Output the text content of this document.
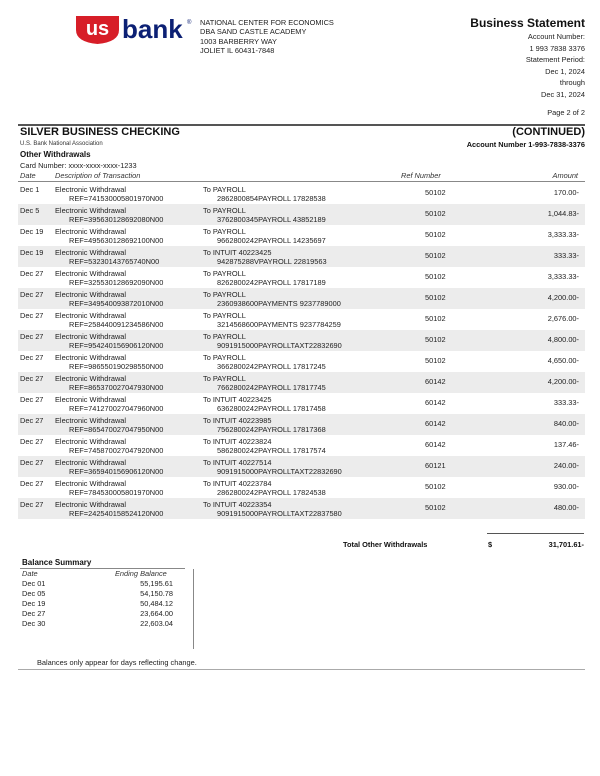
us bank ® NATIONAL CENTER FOR ECONOMICS
DBA SAND CASTLE ACADEMY
1003 BARBERRY WAY
JOLIET IL 60431-7848
Business Statement
Account Number:
1 993 7838 3376
Statement Period:
Dec 1, 2024
through
Dec 31, 2024
Page 2 of 2
SILVER BUSINESS CHECKING	(CONTINUED)
U.S. Bank National Association	Account Number 1-993-7838-3376
Other Withdrawals
Card Number: xxxx-xxxx-xxxx-1233
Date	Description of Transaction	Ref Number	Amount
Dec 1 Electronic Withdrawal
REF=741530005801970N00
To PAYROLL
2862800854PAYROLL 17828538
50102	170.00-
Dec 5 Electronic Withdrawal
REF=395630128692080N00
To PAYROLL
3762800345PAYROLL 43852189
50102	1,044.83-
Dec 19 Electronic Withdrawal
REF=495630128692100N00
To PAYROLL
9662800242PAYROLL 14235697
50102	3,333.33-
Dec 19 Electronic Withdrawal
REF=53230143765740N00
To INTUIT 40223425
942875288VPAYROLL 22819563
50102	333.33-
Dec 27 Electronic Withdrawal
REF=325530128692090N00
To PAYROLL
8262800242PAYROLL 17817189
50102	3,333.33-
Dec 27 Electronic Withdrawal
REF=349540093872010N00
To PAYROLL
2360938600PAYMENTS 9237789000
50102	4,200.00-
Dec 27 Electronic Withdrawal
REF=258440091234586N00
To PAYROLL
3214568600PAYMENTS 9237784259
50102	2,676.00-
Dec 27 Electronic Withdrawal
REF=954240156906120N00
To PAYROLL
9091915000PAYROLLTAXT22832690
50102	4,800.00-
Dec 27 Electronic Withdrawal
REF=986550190298550N00
To PAYROLL
3662800242PAYROLL 17817245
50102	4,650.00-
Dec 27 Electronic Withdrawal
REF=865370027047930N00
To PAYROLL
7662800242PAYROLL 17817745
60142	4,200.00-
Dec 27 Electronic Withdrawal
REF=741270027047960N00
To INTUIT 40223425
6362800242PAYROLL 17817458
60142	333.33-
Dec 27 Electronic Withdrawal
REF=865470027047950N00
To INTUIT 40223985
7562800242PAYROLL 17817368
60142	840.00-
Dec 27 Electronic Withdrawal
REF=745870027047920N00
To INTUIT 40223824
5862800242PAYROLL 17817574
60142	137.46-
Dec 27 Electronic Withdrawal
REF=365940156906120N00
To INTUIT 40227514
9091915000PAYROLLTAXT22832690
60121	240.00-
Dec 27 Electronic Withdrawal
REF=784530005801970N00
To INTUIT 40223784
2862800242PAYROLL 17824538
50102	930.00-
Dec 27 Electronic Withdrawal
REF=242540158524120N00
To INTUIT 40223354
9091915000PAYROLLTAXT22837580
50102	480.00-
Total Other Withdrawals	$	31,701.61-
Balance Summary
Date	Ending Balance
Dec 01	55,195.61
Dec 05	54,150.78
Dec 19	50,484.12
Dec 27	23,664.00
Dec 30	22,603.04
Balances only appear for days reflecting change.
